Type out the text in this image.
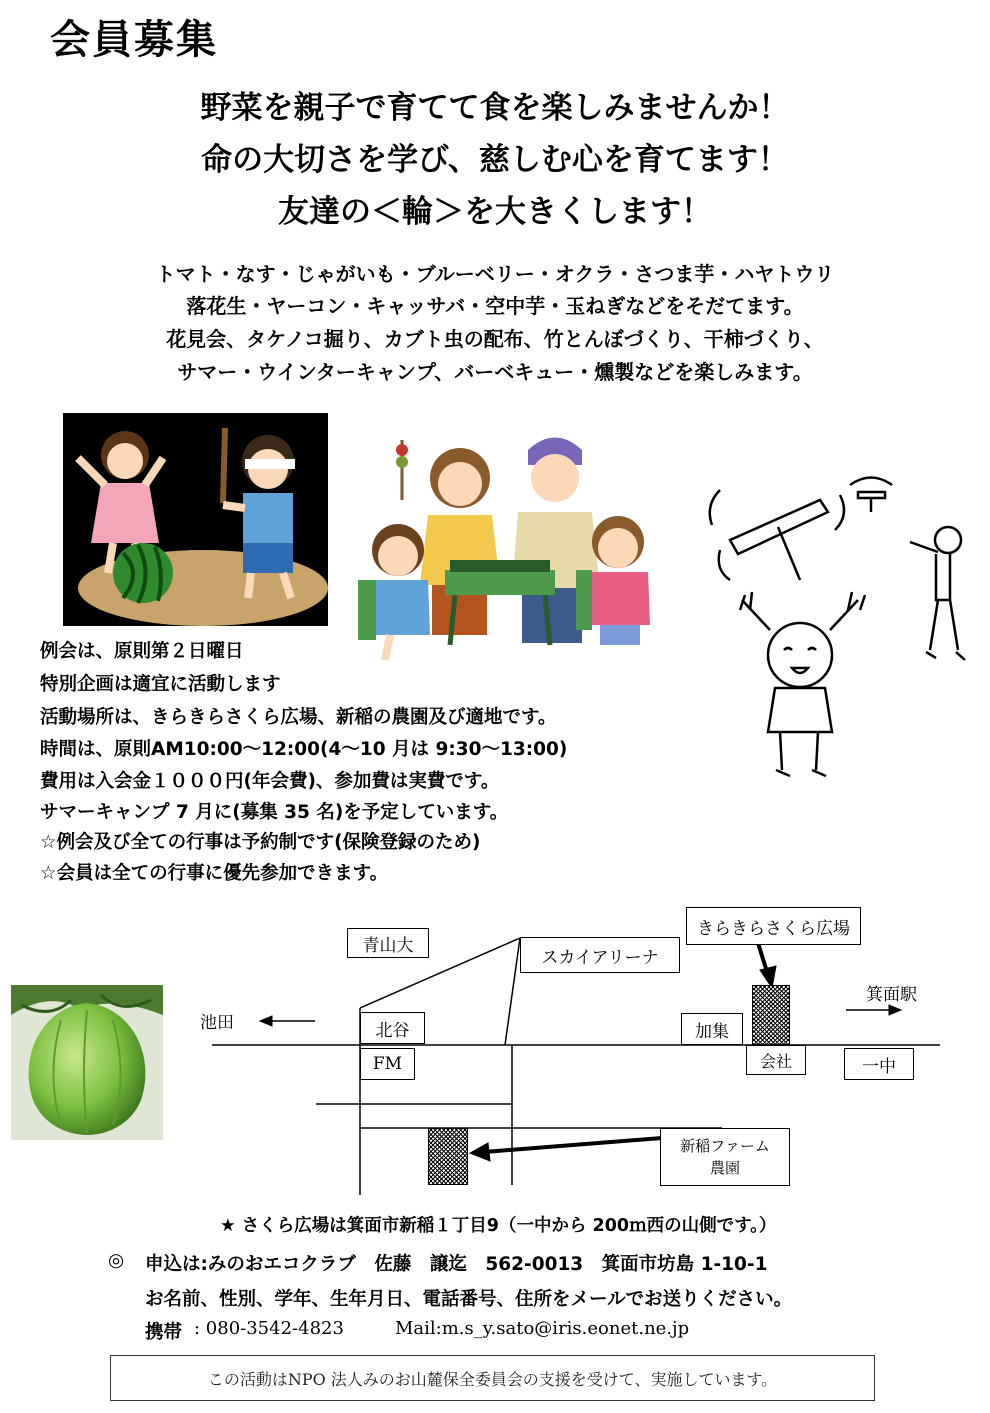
会員募集
野菜を親子で育てて食を楽しみませんか！
命の大切さを学び、慈しむ心を育てます！
友達の＜輪＞を大きくします！
トマト・なす・じゃがいも・ブルーベリー・オクラ・さつま芋・ハヤトウリ
落花生・ヤーコン・キャッサバ・空中芋・玉ねぎなどをそだてます。
花見会、タケノコ掘り、カブト虫の配布、竹とんぼづくり、干柿づくり、
サマー・ウインターキャンプ、バーベキュー・燻製などを楽しみます。
例会は、原則第２日曜日
特別企画は適宜に活動します
活動場所は、きらきらさくら広場、新稲の農園及び適地です。
時間は、原則AM10:00～12:00(4～10 月は 9:30～13:00)
費用は入会金１０００円(年会費)、参加費は実費です。
サマーキャンプ 7 月に(募集 35 名)を予定しています。
☆例会及び全ての行事は予約制です(保険登録のため)
☆会員は全ての行事に優先参加できます。
青山大
スカイアリーナ
きらきらさくら広場
池田
箕面駅
北谷
FM
加集
会社	一中
新稲ファーム
農園
★ さくら広場は箕面市新稲１丁目9（一中から 200ｍ西の山側です。）
◎ 申込は:みのおエコクラブ　佐藤　譲迄　562-0013　箕面市坊島 1-10-1
お名前、性別、学年、生年月日、電話番号、住所をメールでお送りください。
携帯 : 080-3542-4823	Mail:m.s_y.sato@iris.eonet.ne.jp
この活動はNPO 法人みのお山麓保全委員会の支援を受けて、実施しています。
